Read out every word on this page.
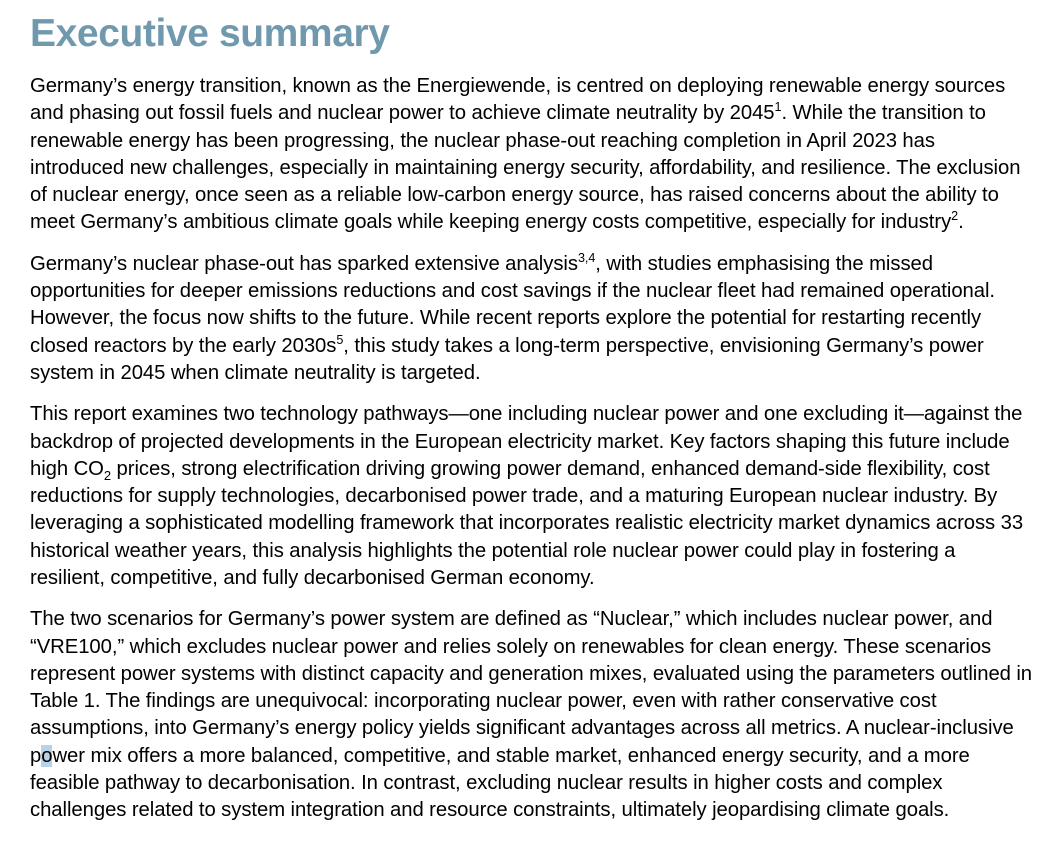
Executive summary

Germany’s energy transition, known as the Energiewende, is centred on deploying renewable energy sources and phasing out fossil fuels and nuclear power to achieve climate neutrality by 2045$^1$. While the transition to renewable energy has been progressing, the nuclear phase-out reaching completion in April 2023 has introduced new challenges, especially in maintaining energy security, affordability, and resilience. The exclusion of nuclear energy, once seen as a reliable low-carbon energy source, has raised concerns about the ability to meet Germany’s ambitious climate goals while keeping energy costs competitive, especially for industry$^2$.

Germany’s nuclear phase-out has sparked extensive analysis$^{3,4}$, with studies emphasising the missed opportunities for deeper emissions reductions and cost savings if the nuclear fleet had remained operational. However, the focus now shifts to the future. While recent reports explore the potential for restarting recently closed reactors by the early $2030s^5$, this study takes a long-term perspective, envisioning Germany’s power system in 2045 when climate neutrality is targeted.

This report examines two technology pathways—one including nuclear power and one excluding it—against the backdrop of projected developments in the European electricity market. Key factors shaping this future include high $CO_2$ prices, strong electrification driving growing power demand, enhanced demand-side flexibility, cost reductions for supply technologies, decarbonised power trade, and a maturing European nuclear industry. By leveraging a sophisticated modelling framework that incorporates realistic electricity market dynamics across 33 historical weather years, this analysis highlights the potential role nuclear power could play in fostering a resilient, competitive, and fully decarbonised German economy.

The two scenarios for Germany’s power system are defined as “Nuclear,” which includes nuclear power, and “VRE100,” which excludes nuclear power and relies solely on renewables for clean energy. These scenarios represent power systems with distinct capacity and generation mixes, evaluated using the parameters outlined in Table 1. The findings are unequivocal: incorporating nuclear power, even with rather conservative cost assumptions, into Germany’s energy policy yields significant advantages across all metrics. A nuclear-inclusive power mix offers a more balanced, competitive, and stable market, enhanced energy security, and a more feasible pathway to decarbonisation. In contrast, excluding nuclear results in higher costs and complex challenges related to system integration and resource constraints, ultimately jeopardising climate goals.
